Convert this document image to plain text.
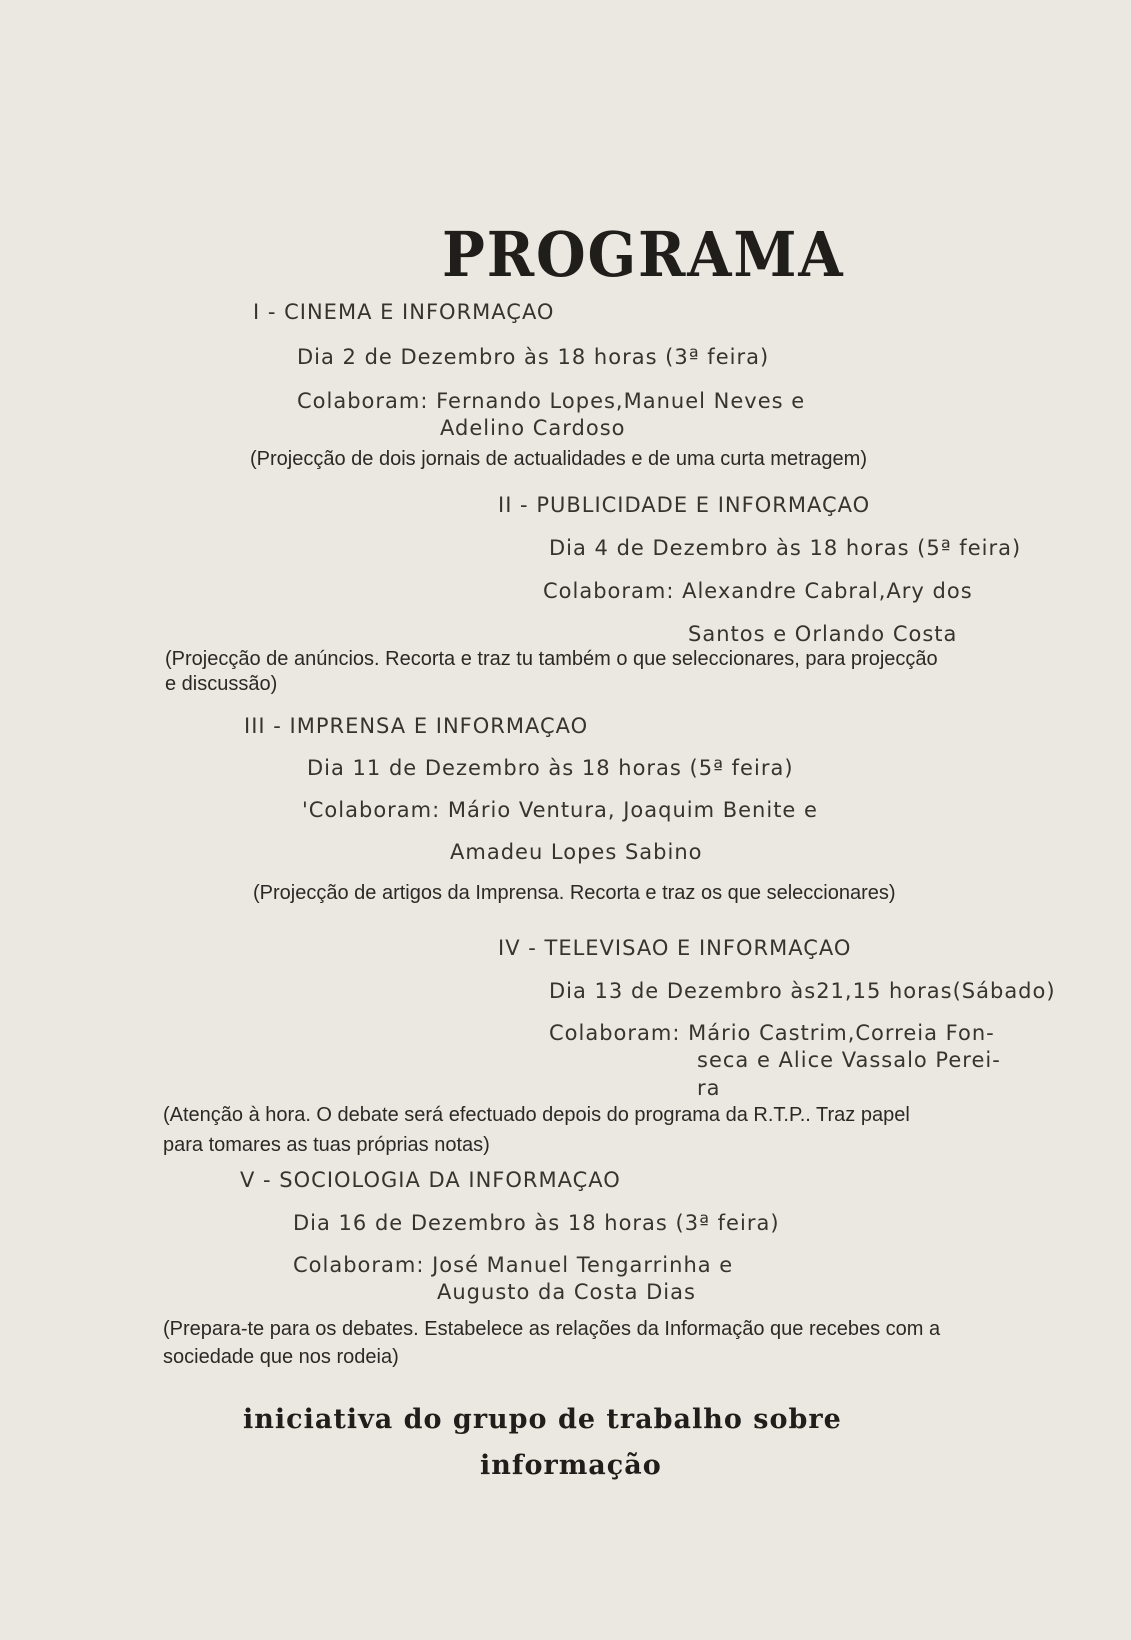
PROGRAMA
I - CINEMA E INFORMAÇAO
Dia 2 de Dezembro às 18 horas (3ª feira)
Colaboram: Fernando Lopes,Manuel Neves e
Adelino Cardoso
(Projecção de dois jornais de actualidades e de uma curta metragem)
II - PUBLICIDADE E INFORMAÇAO
Dia 4 de Dezembro às 18 horas (5ª feira)
Colaboram: Alexandre Cabral,Ary dos
Santos e Orlando Costa
(Projecção de anúncios. Recorta e traz tu também o que seleccionares, para projecção
e discussão)
III - IMPRENSA E INFORMAÇAO
Dia 11 de Dezembro às 18 horas (5ª feira)
'Colaboram: Mário Ventura, Joaquim Benite e
Amadeu Lopes Sabino
(Projecção de artigos da Imprensa. Recorta e traz os que seleccionares)
IV - TELEVISAO E INFORMAÇAO
Dia 13 de Dezembro às21,15 horas(Sábado)
Colaboram: Mário Castrim,Correia Fon-
seca e Alice Vassalo Perei-
ra
(Atenção à hora. O debate será efectuado depois do programa da R.T.P.. Traz papel
para tomares as tuas próprias notas)
V - SOCIOLOGIA DA INFORMAÇAO
Dia 16 de Dezembro às 18 horas (3ª feira)
Colaboram: José Manuel Tengarrinha e
Augusto da Costa Dias
(Prepara-te para os debates. Estabelece as relações da Informação que recebes com a
sociedade que nos rodeia)
iniciativa do grupo de trabalho sobre
informação
